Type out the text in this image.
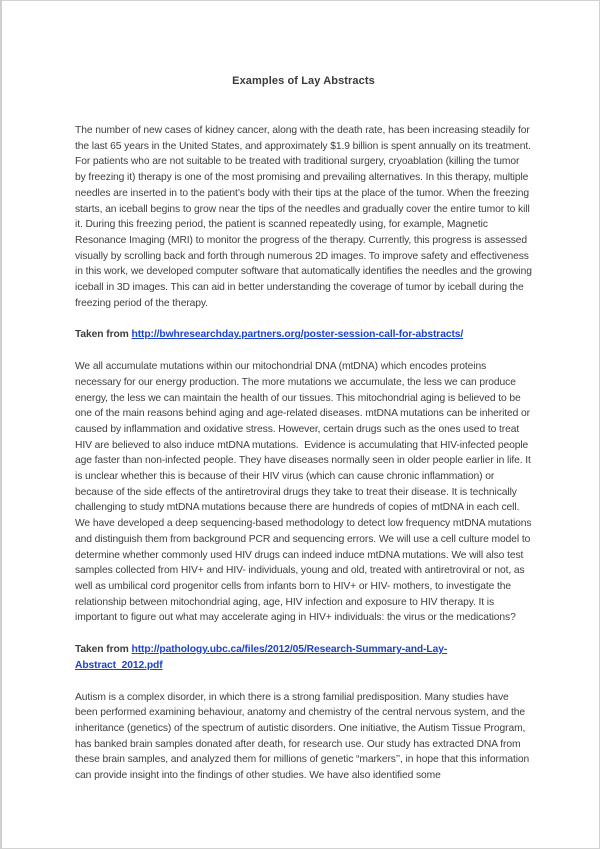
Examples of Lay Abstracts

The number of new cases of kidney cancer, along with the death rate, has been increasing steadily for the last 65 years in the United States, and approximately $1.9 billion is spent annually on its treatment. For patients who are not suitable to be treated with traditional surgery, cryoablation (killing the tumor by freezing it) therapy is one of the most promising and prevailing alternatives. In this therapy, multiple needles are inserted in to the patient’s body with their tips at the place of the tumor. When the freezing starts, an iceball begins to grow near the tips of the needles and gradually cover the entire tumor to kill it. During this freezing period, the patient is scanned repeatedly using, for example, Magnetic Resonance Imaging (MRI) to monitor the progress of the therapy. Currently, this progress is assessed visually by scrolling back and forth through numerous 2D images. To improve safety and effectiveness in this work, we developed computer software that automatically identifies the needles and the growing iceball in 3D images. This can aid in better understanding the coverage of tumor by iceball during the freezing period of the therapy.

Taken from http://bwhresearchday.partners.org/poster-session-call-for-abstracts/

We all accumulate mutations within our mitochondrial DNA (mtDNA) which encodes proteins necessary for our energy production. The more mutations we accumulate, the less we can produce energy, the less we can maintain the health of our tissues. This mitochondrial aging is believed to be one of the main reasons behind aging and age-related diseases. mtDNA mutations can be inherited or caused by inflammation and oxidative stress. However, certain drugs such as the ones used to treat HIV are believed to also induce mtDNA mutations.  Evidence is accumulating that HIV-infected people age faster than non-infected people. They have diseases normally seen in older people earlier in life. It is unclear whether this is because of their HIV virus (which can cause chronic inflammation) or because of the side effects of the antiretroviral drugs they take to treat their disease. It is technically challenging to study mtDNA mutations because there are hundreds of copies of mtDNA in each cell. We have developed a deep sequencing-based methodology to detect low frequency mtDNA mutations and distinguish them from background PCR and sequencing errors. We will use a cell culture model to determine whether commonly used HIV drugs can indeed induce mtDNA mutations. We will also test samples collected from HIV+ and HIV- individuals, young and old, treated with antiretroviral or not, as well as umbilical cord progenitor cells from infants born to HIV+ or HIV- mothers, to investigate the relationship between mitochondrial aging, age, HIV infection and exposure to HIV therapy. It is important to figure out what may accelerate aging in HIV+ individuals: the virus or the medications?

Taken from http://pathology.ubc.ca/files/2012/05/Research-Summary-and-Lay-Abstract_2012.pdf

Autism is a complex disorder, in which there is a strong familial predisposition. Many studies have been performed examining behaviour, anatomy and chemistry of the central nervous system, and the inheritance (genetics) of the spectrum of autistic disorders. One initiative, the Autism Tissue Program, has banked brain samples donated after death, for research use. Our study has extracted DNA from these brain samples, and analyzed them for millions of genetic “markers’’, in hope that this information can provide insight into the findings of other studies. We have also identified some
